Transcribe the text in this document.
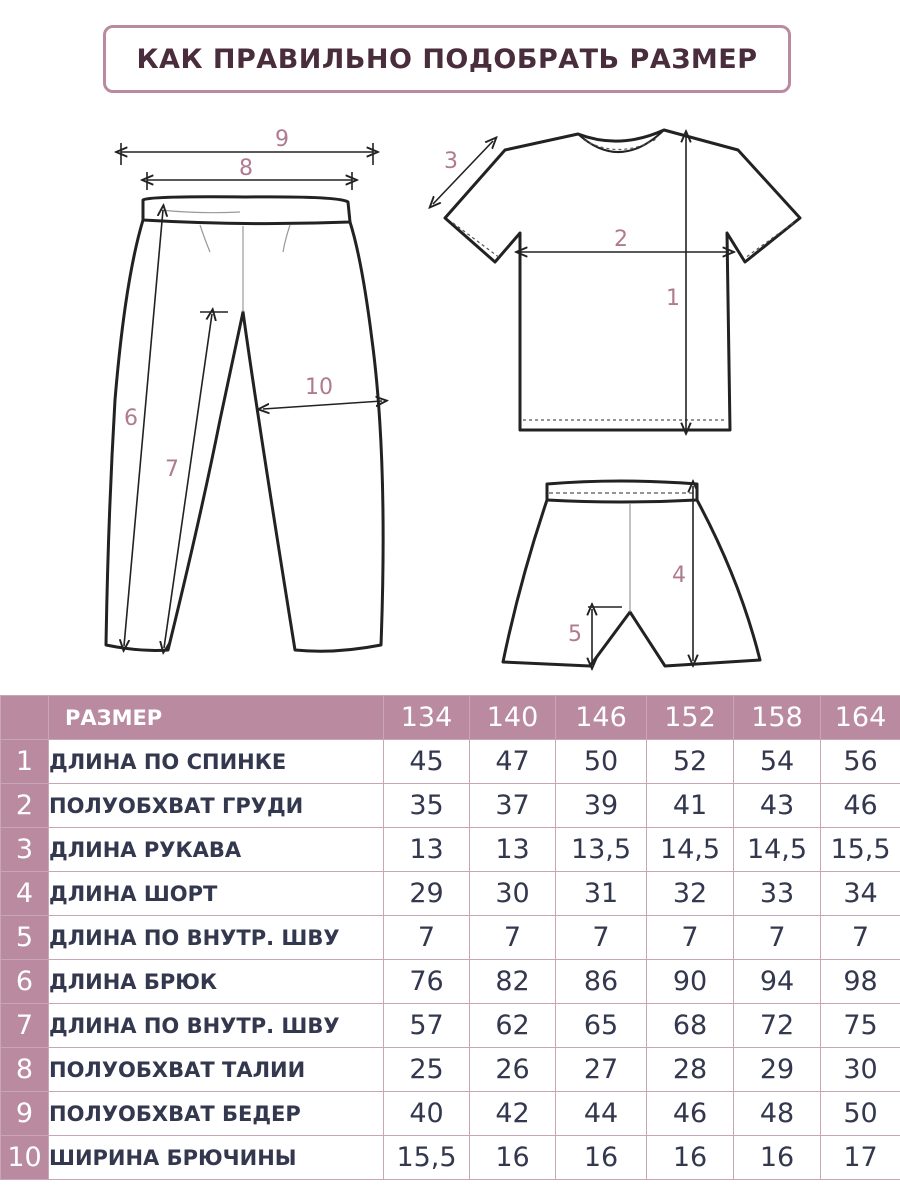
КАК ПРАВИЛЬНО ПОДОБРАТЬ РАЗМЕР
9
8
6
7
10
3
2
1
4
5
	РАЗМЕР	134	140	146	152	158	164
1	ДЛИНА ПО СПИНКЕ	45	47	50	52	54	56
2	ПОЛУОБХВАТ ГРУДИ	35	37	39	41	43	46
3	ДЛИНА РУКАВА	13	13	13,5	14,5	14,5	15,5
4	ДЛИНА ШОРТ	29	30	31	32	33	34
5	ДЛИНА ПО ВНУТР. ШВУ	7	7	7	7	7	7
6	ДЛИНА БРЮК	76	82	86	90	94	98
7	ДЛИНА ПО ВНУТР. ШВУ	57	62	65	68	72	75
8	ПОЛУОБХВАТ ТАЛИИ	25	26	27	28	29	30
9	ПОЛУОБХВАТ БЕДЕР	40	42	44	46	48	50
10	ШИРИНА БРЮЧИНЫ	15,5	16	16	16	16	17
